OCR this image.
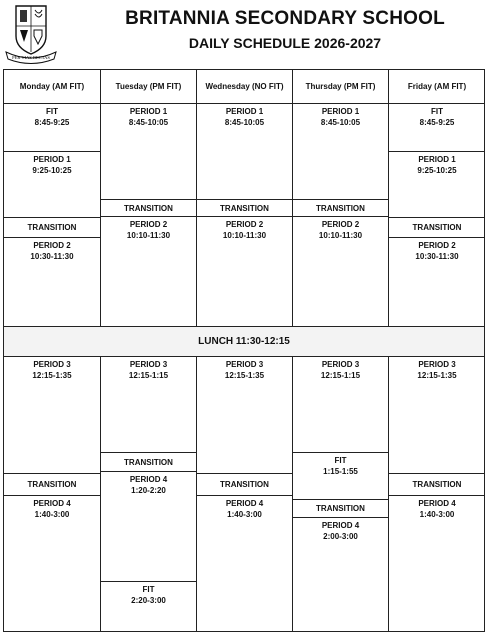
PER VIAS RECTAS
BRITANNIA SECONDARY SCHOOL
DAILY SCHEDULE 2026-2027
Monday (AM FIT)
FIT
8:45-9:25
PERIOD 1
9:25-10:25
TRANSITION
PERIOD 2
10:30-11:30
PERIOD 3
12:15-1:35
TRANSITION
PERIOD 4
1:40-3:00
Tuesday (PM FIT)
PERIOD 1
8:45-10:05
TRANSITION
PERIOD 2
10:10-11:30
PERIOD 3
12:15-1:15
TRANSITION
PERIOD 4
1:20-2:20
FIT
2:20-3:00
Wednesday (NO FIT)
PERIOD 1
8:45-10:05
TRANSITION
PERIOD 2
10:10-11:30
PERIOD 3
12:15-1:35
TRANSITION
PERIOD 4
1:40-3:00
Thursday (PM FIT)
PERIOD 1
8:45-10:05
TRANSITION
PERIOD 2
10:10-11:30
PERIOD 3
12:15-1:15
FIT
1:15-1:55
TRANSITION
PERIOD 4
2:00-3:00
Friday (AM FIT)
FIT
8:45-9:25
PERIOD 1
9:25-10:25
TRANSITION
PERIOD 2
10:30-11:30
PERIOD 3
12:15-1:35
TRANSITION
PERIOD 4
1:40-3:00
LUNCH 11:30-12:15
